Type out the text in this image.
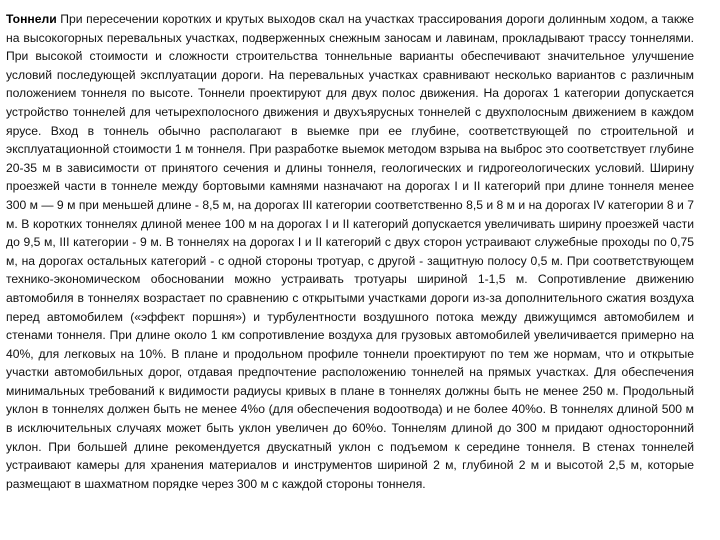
Тоннели При пересечении коротких и крутых выходов скал на участках трассирования дороги долинным ходом, а также на высокогорных перевальных участках, подверженных снежным заносам и лавинам, прокладывают трассу тоннелями. При высокой стоимости и сложности строительства тоннельные варианты обеспечивают значительное улучшение условий последующей эксплуатации дороги. На перевальных участках сравнивают несколько вариантов с различным положением тоннеля по высоте. Тоннели проектируют для двух полос движения. На дорогах 1 категории допускается устройство тоннелей для четырехполосного движения и двухъярусных тоннелей с двухполосным движением в каждом ярусе. Вход в тоннель обычно располагают в выемке при ее глубине, соответствующей по строительной и эксплуатационной стоимости 1 м тоннеля. При разработке выемок методом взрыва на выброс это соответствует глубине 20-35 м в зависимости от принятого сечения и длины тоннеля, геологических и гидрогеологических условий. Ширину проезжей части в тоннеле между бортовыми камнями назначают на дорогах I и II категорий при длине тоннеля менее 300 м — 9 м при меньшей длине - 8,5 м, на дорогах III категории соответственно 8,5 и 8 м и на дорогах IV категории 8 и 7 м. В коротких тоннелях длиной менее 100 м на дорогах I и II категорий допускается увеличивать ширину проезжей части до 9,5 м, III категории - 9 м. В тоннелях на дорогах I и II категорий с двух сторон устраивают служебные проходы по 0,75 м, на дорогах остальных категорий - с одной стороны тротуар, с другой - защитную полосу 0,5 м. При соответствующем технико-экономическом обосновании можно устраивать тротуары шириной 1-1,5 м. Сопротивление движению автомобиля в тоннелях возрастает по сравнению с открытыми участками дороги из-за дополнительного сжатия воздуха перед автомобилем («эффект поршня») и турбулентности воздушного потока между движущимся автомобилем и стенами тоннеля. При длине около 1 км сопротивление воздуха для грузовых автомобилей увеличивается примерно на 40%, для легковых на 10%. В плане и продольном профиле тоннели проектируют по тем же нормам, что и открытые участки автомобильных дорог, отдавая предпочтение расположению тоннелей на прямых участках. Для обеспечения минимальных требований к видимости радиусы кривых в плане в тоннелях должны быть не менее 250 м. Продольный уклон в тоннелях должен быть не менее 4%о (для обеспечения водоотвода) и не более 40%о. В тоннелях длиной 500 м в исключительных случаях может быть уклон увеличен до 60%о. Тоннелям длиной до 300 м придают односторонний уклон. При большей длине рекомендуется двускатный уклон с подъемом к середине тоннеля. В стенах тоннелей устраивают камеры для хранения материалов и инструментов шириной 2 м, глубиной 2 м и высотой 2,5 м, которые размещают в шахматном порядке через 300 м с каждой стороны тоннеля.
